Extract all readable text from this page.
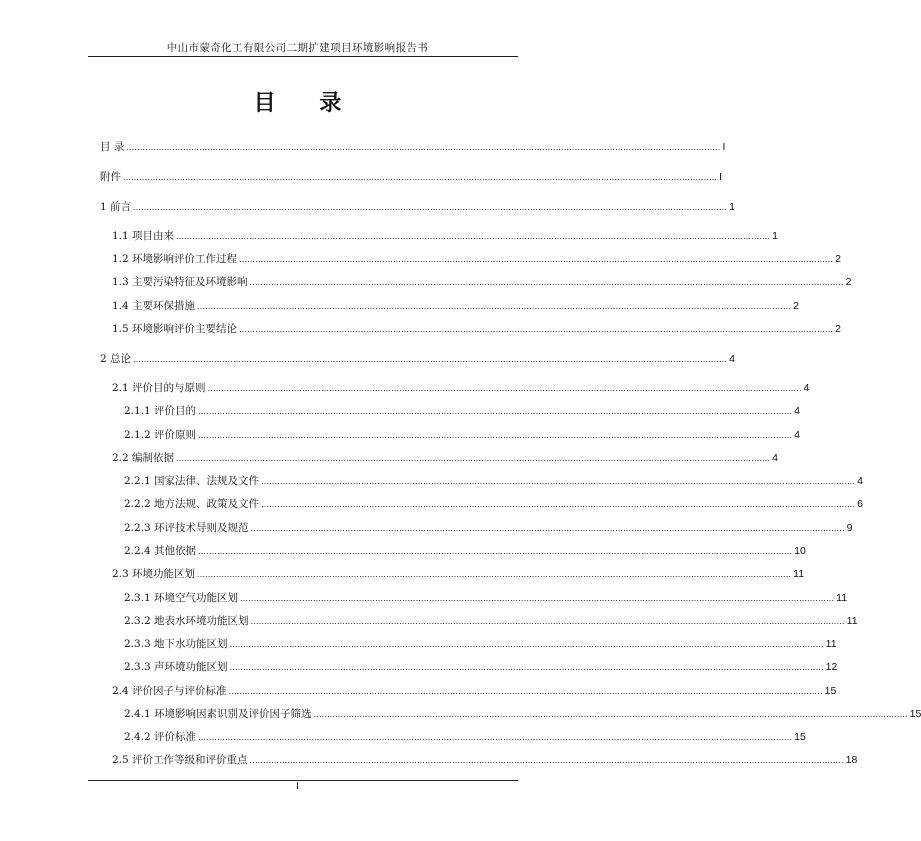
中山市蒙奇化工有限公司二期扩建项目环境影响报告书
目 录
目 录 ............................................................................................................................................................................................................................ I
附件 ............................................................................................................................................................................................................................ I
1 前言 ............................................................................................................................................................................................................................ 1
1.1 项目由来 ............................................................................................................................................................................................................................ 1
1.2 环境影响评价工作过程 ............................................................................................................................................................................................................................ 2
1.3 主要污染特征及环境影响 ............................................................................................................................................................................................................................ 2
1.4 主要环保措施 ............................................................................................................................................................................................................................ 2
1.5 环境影响评价主要结论 ............................................................................................................................................................................................................................ 2
2 总论 ............................................................................................................................................................................................................................ 4
2.1 评价目的与原则 ............................................................................................................................................................................................................................ 4
2.1.1 评价目的 ............................................................................................................................................................................................................................ 4
2.1.2 评价原则 ............................................................................................................................................................................................................................ 4
2.2 编制依据 ............................................................................................................................................................................................................................ 4
2.2.1 国家法律、法规及文件 ............................................................................................................................................................................................................................ 4
2.2.2 地方法规、政策及文件 ............................................................................................................................................................................................................................ 6
2.2.3 环评技术导则及规范 ............................................................................................................................................................................................................................ 9
2.2.4 其他依据 ............................................................................................................................................................................................................................ 10
2.3 环境功能区划 ............................................................................................................................................................................................................................ 11
2.3.1 环境空气功能区划 ............................................................................................................................................................................................................................ 11
2.3.2 地表水环境功能区划 ............................................................................................................................................................................................................................ 11
2.3.3 地下水功能区划 ............................................................................................................................................................................................................................ 11
2.3.3 声环境功能区划 ............................................................................................................................................................................................................................ 12
2.4 评价因子与评价标准 ............................................................................................................................................................................................................................ 15
2.4.1 环境影响因素识别及评价因子筛选 ............................................................................................................................................................................................................................ 15
2.4.2 评价标准 ............................................................................................................................................................................................................................ 15
2.5 评价工作等级和评价重点 ............................................................................................................................................................................................................................ 18
I
